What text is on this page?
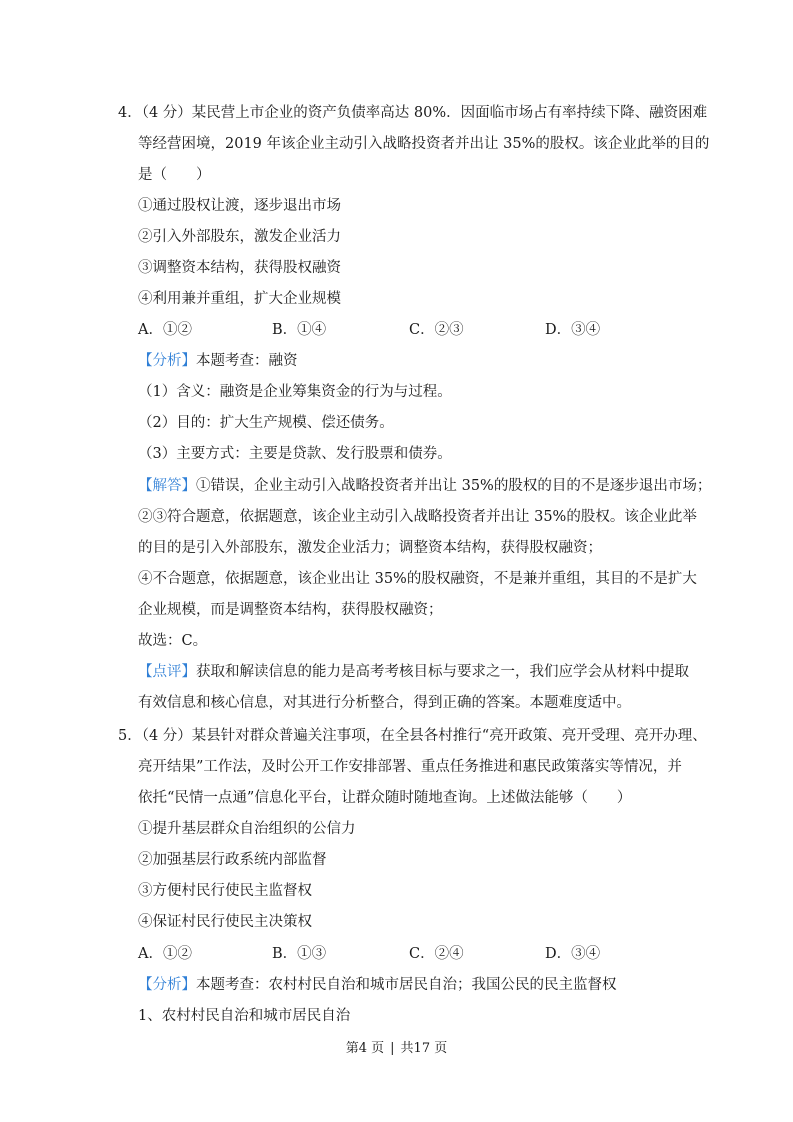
4．（4 分）某民营上市企业的资产负债率高达 80%．因面临市场占有率持续下降、融资困难
等经营困境，2019 年该企业主动引入战略投资者并出让 35%的股权。该企业此举的目的
是（　　）
①通过股权让渡，逐步退出市场
②引入外部股东，激发企业活力
③调整资本结构，获得股权融资
④利用兼并重组，扩大企业规模
A．①②	B．①④	C．②③	D．③④
【分析】本题考查：融资
（1）含义：融资是企业筹集资金的行为与过程。
（2）目的：扩大生产规模、偿还债务。
（3）主要方式：主要是贷款、发行股票和债券。
【解答】①错误，企业主动引入战略投资者并出让 35%的股权的目的不是逐步退出市场；
②③符合题意，依据题意，该企业主动引入战略投资者并出让 35%的股权。该企业此举
的目的是引入外部股东，激发企业活力；调整资本结构，获得股权融资；
④不合题意，依据题意，该企业出让 35%的股权融资，不是兼并重组，其目的不是扩大
企业规模，而是调整资本结构，获得股权融资；
故选：C。
【点评】获取和解读信息的能力是高考考核目标与要求之一，我们应学会从材料中提取
有效信息和核心信息，对其进行分析整合，得到正确的答案。本题难度适中。
5．（4 分）某县针对群众普遍关注事项，在全县各村推行“亮开政策、亮开受理、亮开办理、
亮开结果”工作法，及时公开工作安排部署、重点任务推进和惠民政策落实等情况，并
依托“民情一点通”信息化平台，让群众随时随地查询。上述做法能够（　　）
①提升基层群众自治组织的公信力
②加强基层行政系统内部监督
③方便村民行使民主监督权
④保证村民行使民主决策权
A．①②	B．①③	C．②④	D．③④
【分析】本题考查：农村村民自治和城市居民自治；我国公民的民主监督权
1、农村村民自治和城市居民自治
第4 页 | 共17 页
